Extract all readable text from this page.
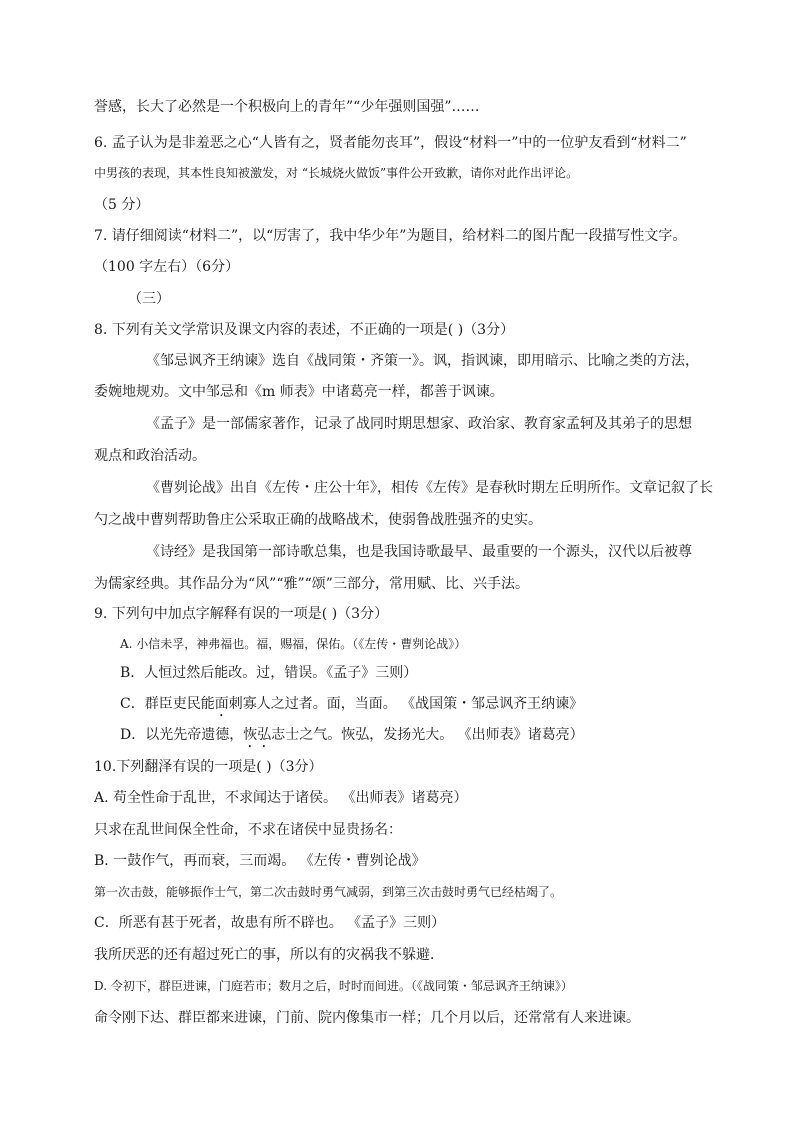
誉感，长大了必然是一个积极向上的青年”“少年强则国强”……
6. 孟子认为是非羞恶之心“人皆有之，贤者能勿丧耳”，假设“材料一”中的一位驴友看到“材料二”
中男孩的表现，其本性良知被激发，对 “长城烧火做饭”事件公开致歉，请你对此作出评论。
（5 分）
7. 请仔细阅读“材料二”，以“厉害了，我中华少年”为题目，给材料二的图片配一段描写性文字。
（100 字左右）（6分）
（三）
8. 下列有关文学常识及课文内容的表述，不正确的一项是( )（3分）
《邹忌讽齐王纳谏》选自《战同策・齐策一》。讽，指讽谏，即用暗示、比喻之类的方法，
委婉地规劝。文中邹忌和《m 师表》中诸葛亮一样，都善于讽谏。
《孟子》是一部儒家著作，记录了战同时期思想家、政治家、教育家孟轲及其弟子的思想
观点和政治活动。
《曹刿论战》出自《左传・庄公十年》，相传《左传》是春秋时期左丘明所作。文章记叙了长
勺之战中曹刿帮助鲁庄公采取正确的战略战术，使弱鲁战胜强齐的史实。
《诗经》是我国第一部诗歌总集，也是我国诗歌最早、最重要的一个源头，汉代以后被尊
为儒家经典。其作品分为“风”“雅”“颂”三部分，常用赋、比、兴手法。
9. 下列句中加点字解释有误的一项是( )（3分）
A. 小信未孚，神弗福也。福，赐福，保佑。（《左传・曹刿论战》）
B．人恒过然后能改。过，错误。《孟子》三则）
C．群臣吏民能面刺寡人之过者。面，当面。 《战国策・邹忌讽齐王纳谏》
D．以光先帝遗德，恢弘志士之气。恢弘，发扬光大。 《出师表》诸葛亮）
10.下列翻泽有误的一项是( )（3分）
A. 苟全性命于乱世，不求闻达于诸侯。 《出师表》诸葛亮）
只求在乱世间保全性命，不求在诸侯中显贵扬名：
B. 一鼓作气，再而衰，三而竭。 《左传・曹刿论战》
第一次击鼓，能够振作士气，第二次击鼓时勇气减弱，到第三次击鼓时勇气已经枯竭了。
C．所恶有甚于死者，故患有所不辟也。 《孟子》三则）
我所厌恶的还有超过死亡的事，所以有的灾祸我不躲避．
D. 令初下，群臣进谏，门庭若市；数月之后，时时而间进。（《战同策・邹忌讽齐王纳谏》）
命令刚下达、群臣都来进谏，门前、院内像集市一样；几个月以后，还常常有人来进谏。
